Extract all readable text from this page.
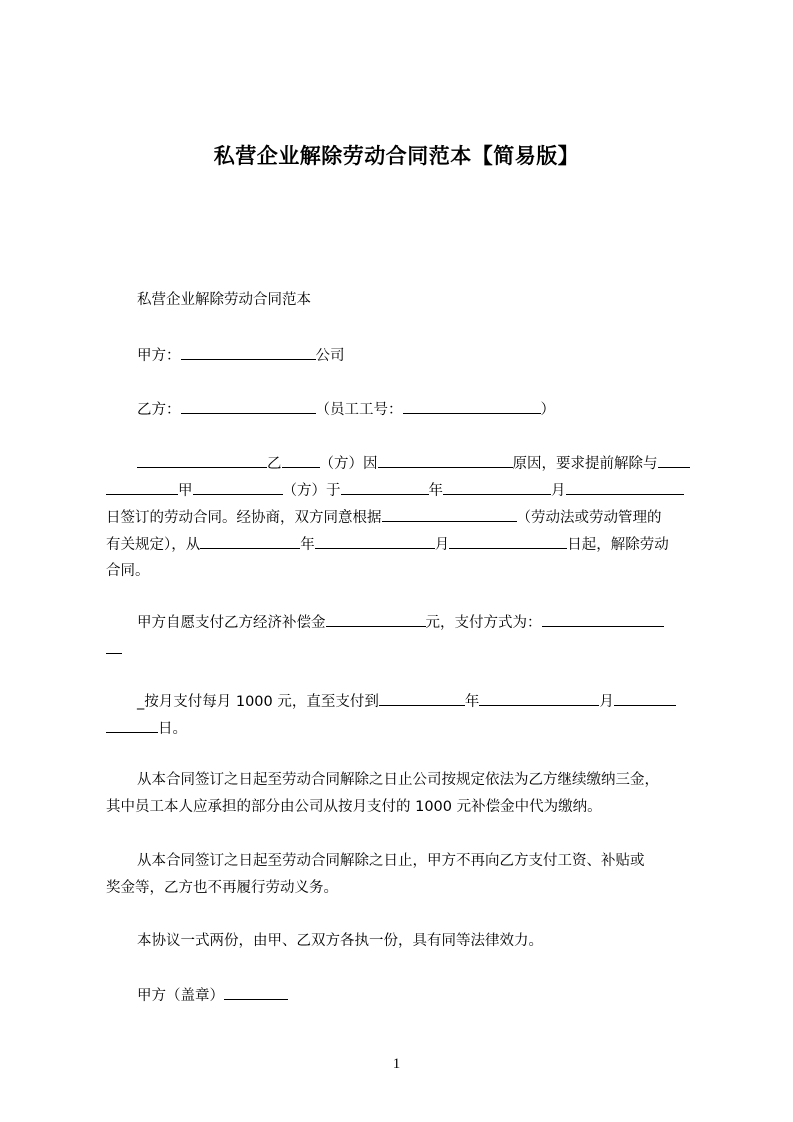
私营企业解除劳动合同范本【简易版】
私营企业解除劳动合同范本
甲方：	公司
乙方：	（员工工号：	）
乙	（方）因	原因，要求提前解除与
甲	（方）于	年	月
日签订的劳动合同。经协商，双方同意根据	（劳动法或劳动管理的
有关规定），从	年	月	日起，解除劳动
合同。
甲方自愿支付乙方经济补偿金	元，支付方式为：
_按月支付每月 1000 元，直至支付到	年	月
日。
从本合同签订之日起至劳动合同解除之日止公司按规定依法为乙方继续缴纳三金，
其中员工本人应承担的部分由公司从按月支付的 1000 元补偿金中代为缴纳。
从本合同签订之日起至劳动合同解除之日止，甲方不再向乙方支付工资、补贴或
奖金等，乙方也不再履行劳动义务。
本协议一式两份，由甲、乙双方各执一份，具有同等法律效力。
甲方（盖章）
1
